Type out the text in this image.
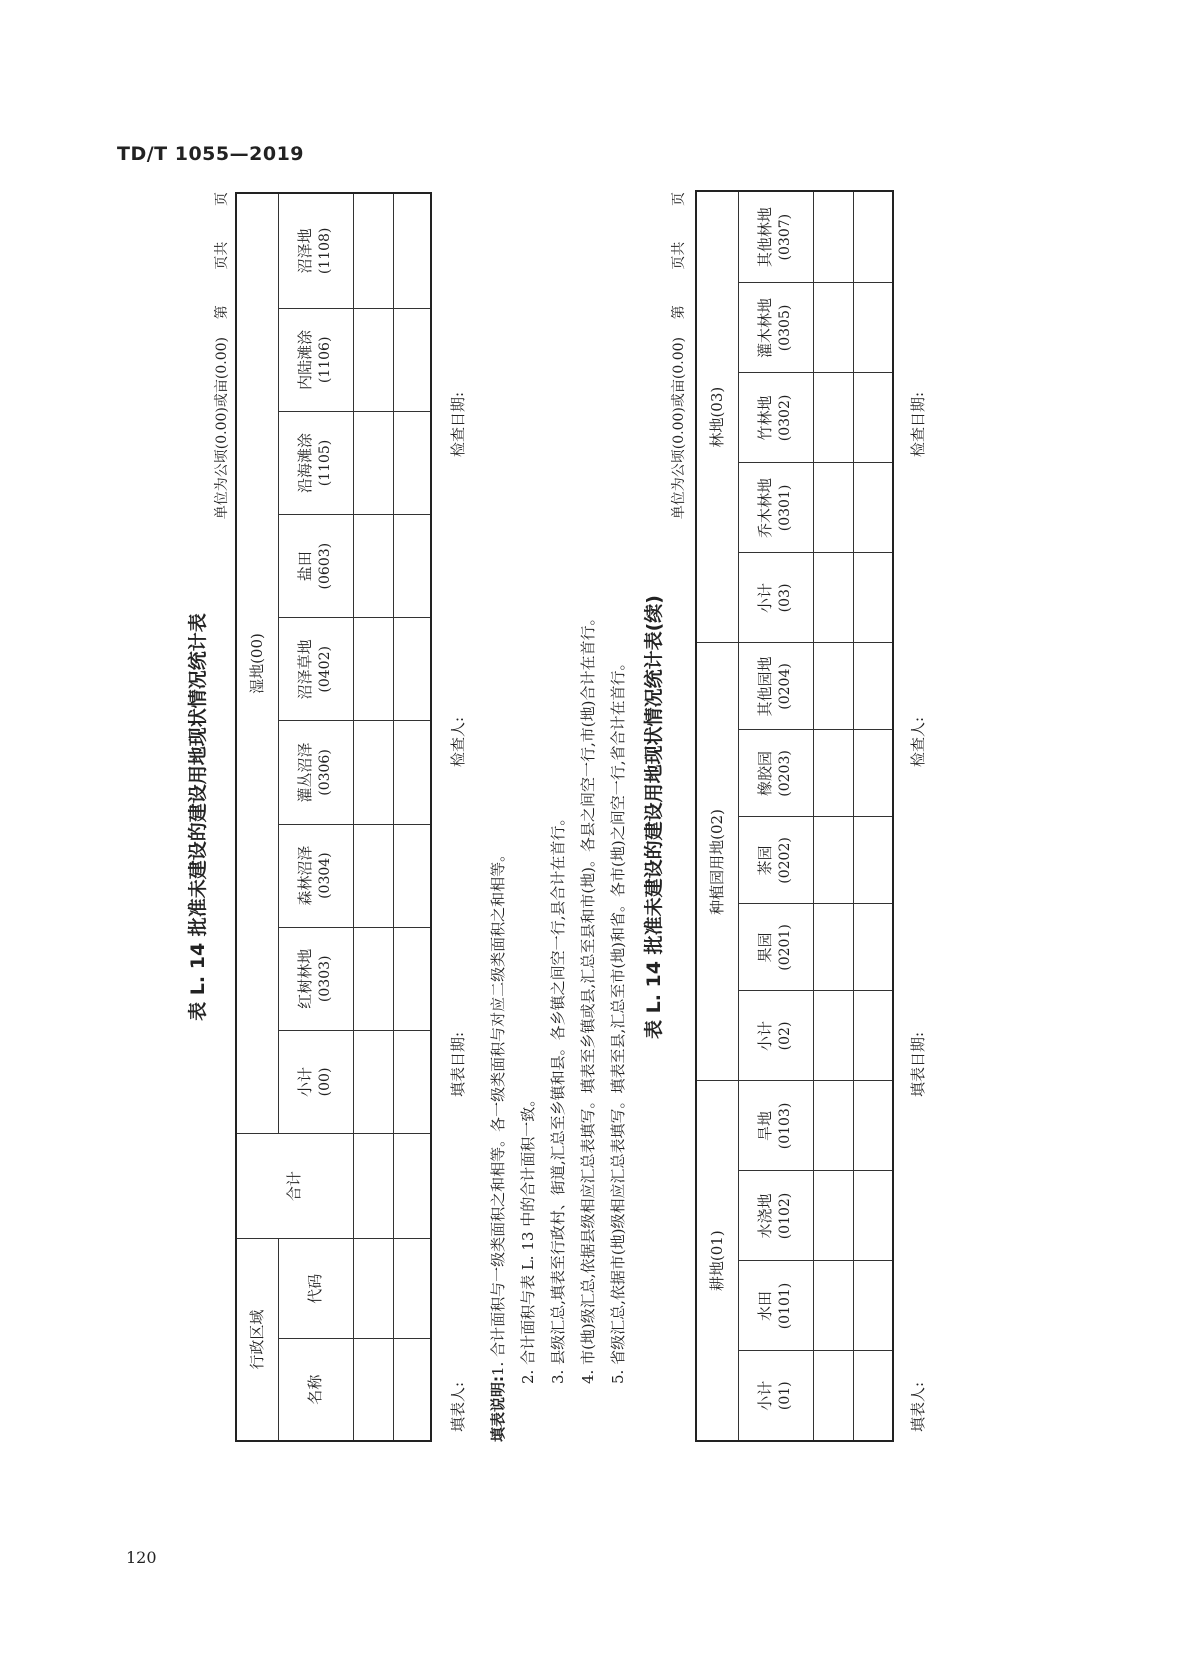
TD/T 1055—2019
120
表 L. 14 批准未建设的建设用地现状情况统计表
单位为公顷(0.00)或亩(0.00)    第        页共        页
行政区域		合计	湿地(00)								
名称	代码		小计 (00)	红树林地 (0303)	森林沼泽 (0304)	灌丛沼泽 (0306)	沼泽草地 (0402)	盐田 (0603)	沿海滩涂 (1105)	内陆滩涂 (1106)	沼泽地 (1108)

填表人:
填表日期:
检查人:
检查日期:
填表说明:1. 合计面积与一级类面积之和相等。各一级类面积与对应二级类面积之和相等。 2. 合计面积与表 L. 13 中的合计面积一致。 3. 县级汇总,填表至行政村、街道,汇总至乡镇和县。各乡镇之间空一行,县合计在首行。 4. 市(地)级汇总,依据县级相应汇总表填写。填表至乡镇或县,汇总至县和市(地)。各县之间空一行,市(地)合计在首行。 5. 省级汇总,依据市(地)级相应汇总表填写。填表至县,汇总至市(地)和省。各市(地)之间空一行,省合计在首行。 表 L. 14 批准未建设的建设用地现状情况统计表(续)
单位为公顷(0.00)或亩(0.00)    第        页共        页
耕地(01)				种植园用地(02)					林地(03)				
小计 (01)	水田 (0101)	水浇地 (0102)	旱地 (0103)	小计 (02)	果园 (0201)	茶园 (0202)	橡胶园 (0203)	其他园地 (0204)	小计 (03)	乔木林地 (0301)	竹林地 (0302)	灌木林地 (0305)	其他林地 (0307)

填表人:
填表日期:
检查人:
检查日期:
